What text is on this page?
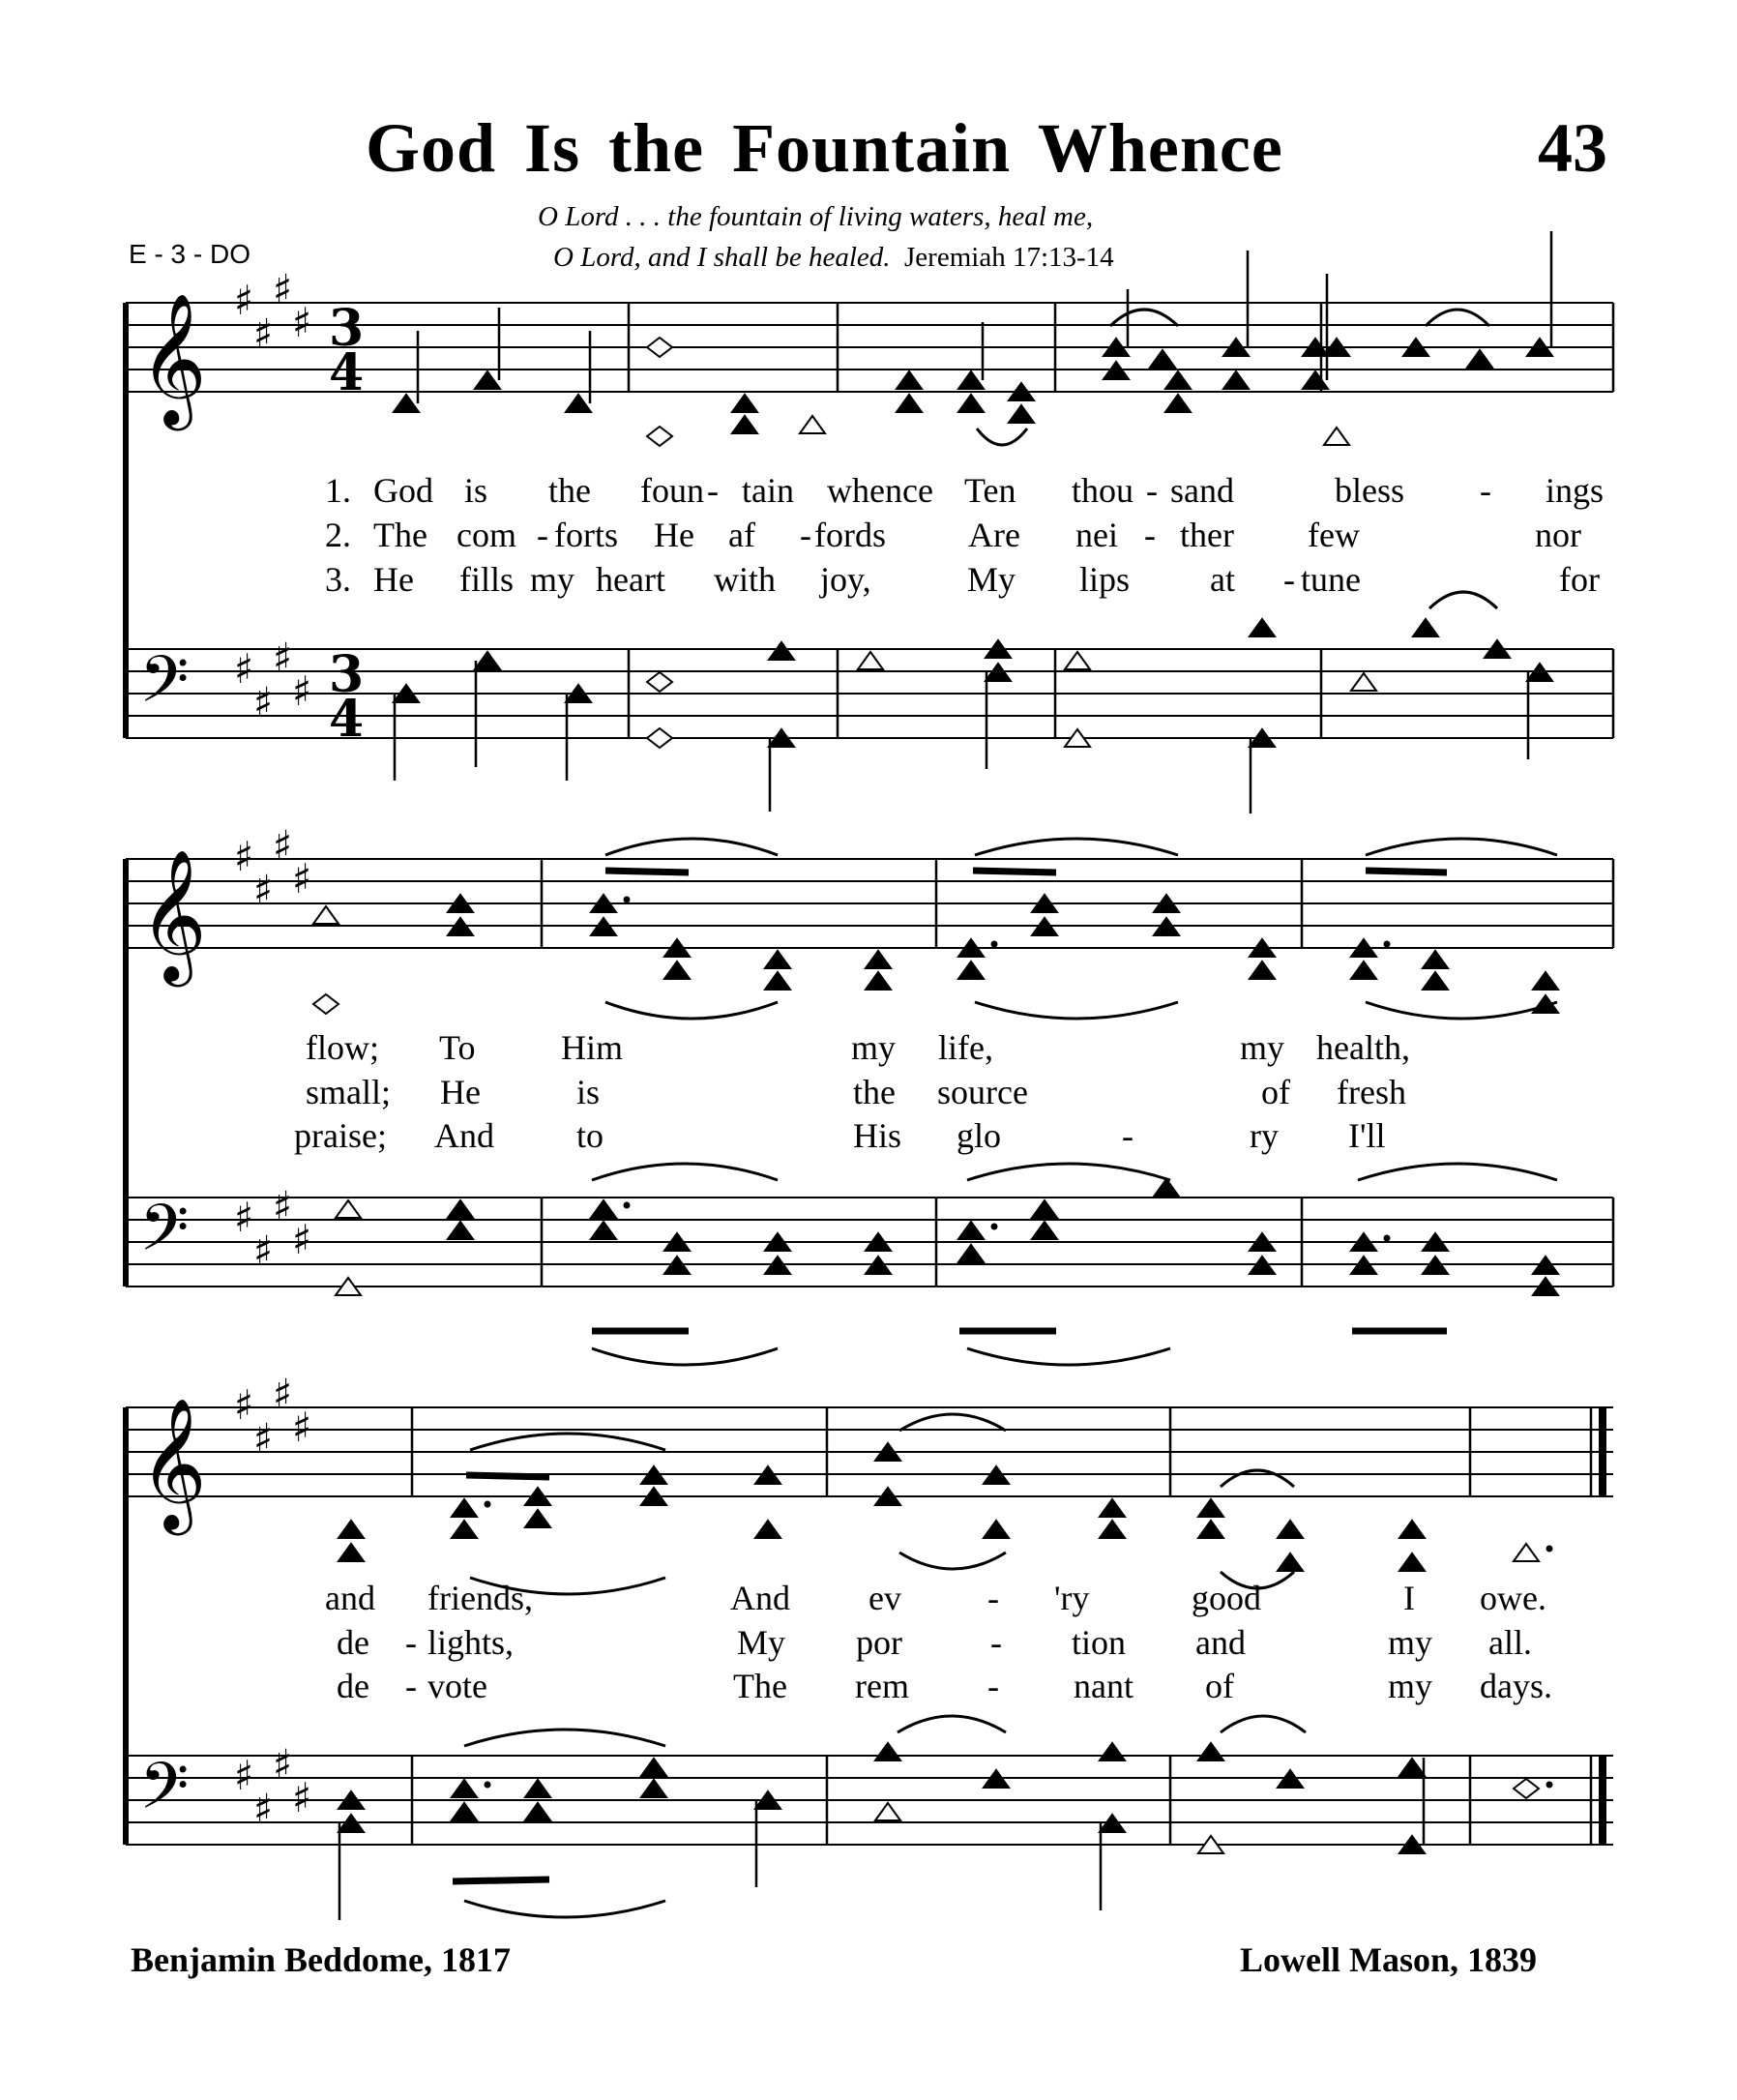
God Is the Fountain Whence	43
E - 3 - DO
O Lord . . . the fountain of living waters, heal me,
O Lord, and I shall be healed. Jeremiah 17:13-14
𝄞
𝄢
♯
♯
♯
♯
♯
♯
♯
♯
3
4
3
4
𝄞
𝄢
♯
♯
♯
♯
♯
♯
♯
♯
𝄞
𝄢
♯
♯
♯
♯
♯
♯
♯
♯
1. God is the foun - tain whence Ten thou - sand	bless - ings
2. The com - forts He af - fords Are nei - ther few	nor
3. He fills my heart with joy,	My lips at - tune	for
flow; To Him	my life,	my health,
small; He	is	the source	of fresh
praise; And to	His glo	-	ry I'll
and friends,	And ev - 'ry	good	I owe.
de - lights,	My por	- tion and	my all.
de - vote	The rem - nant of	my days.
Benjamin Beddome, 1817	Lowell Mason, 1839
